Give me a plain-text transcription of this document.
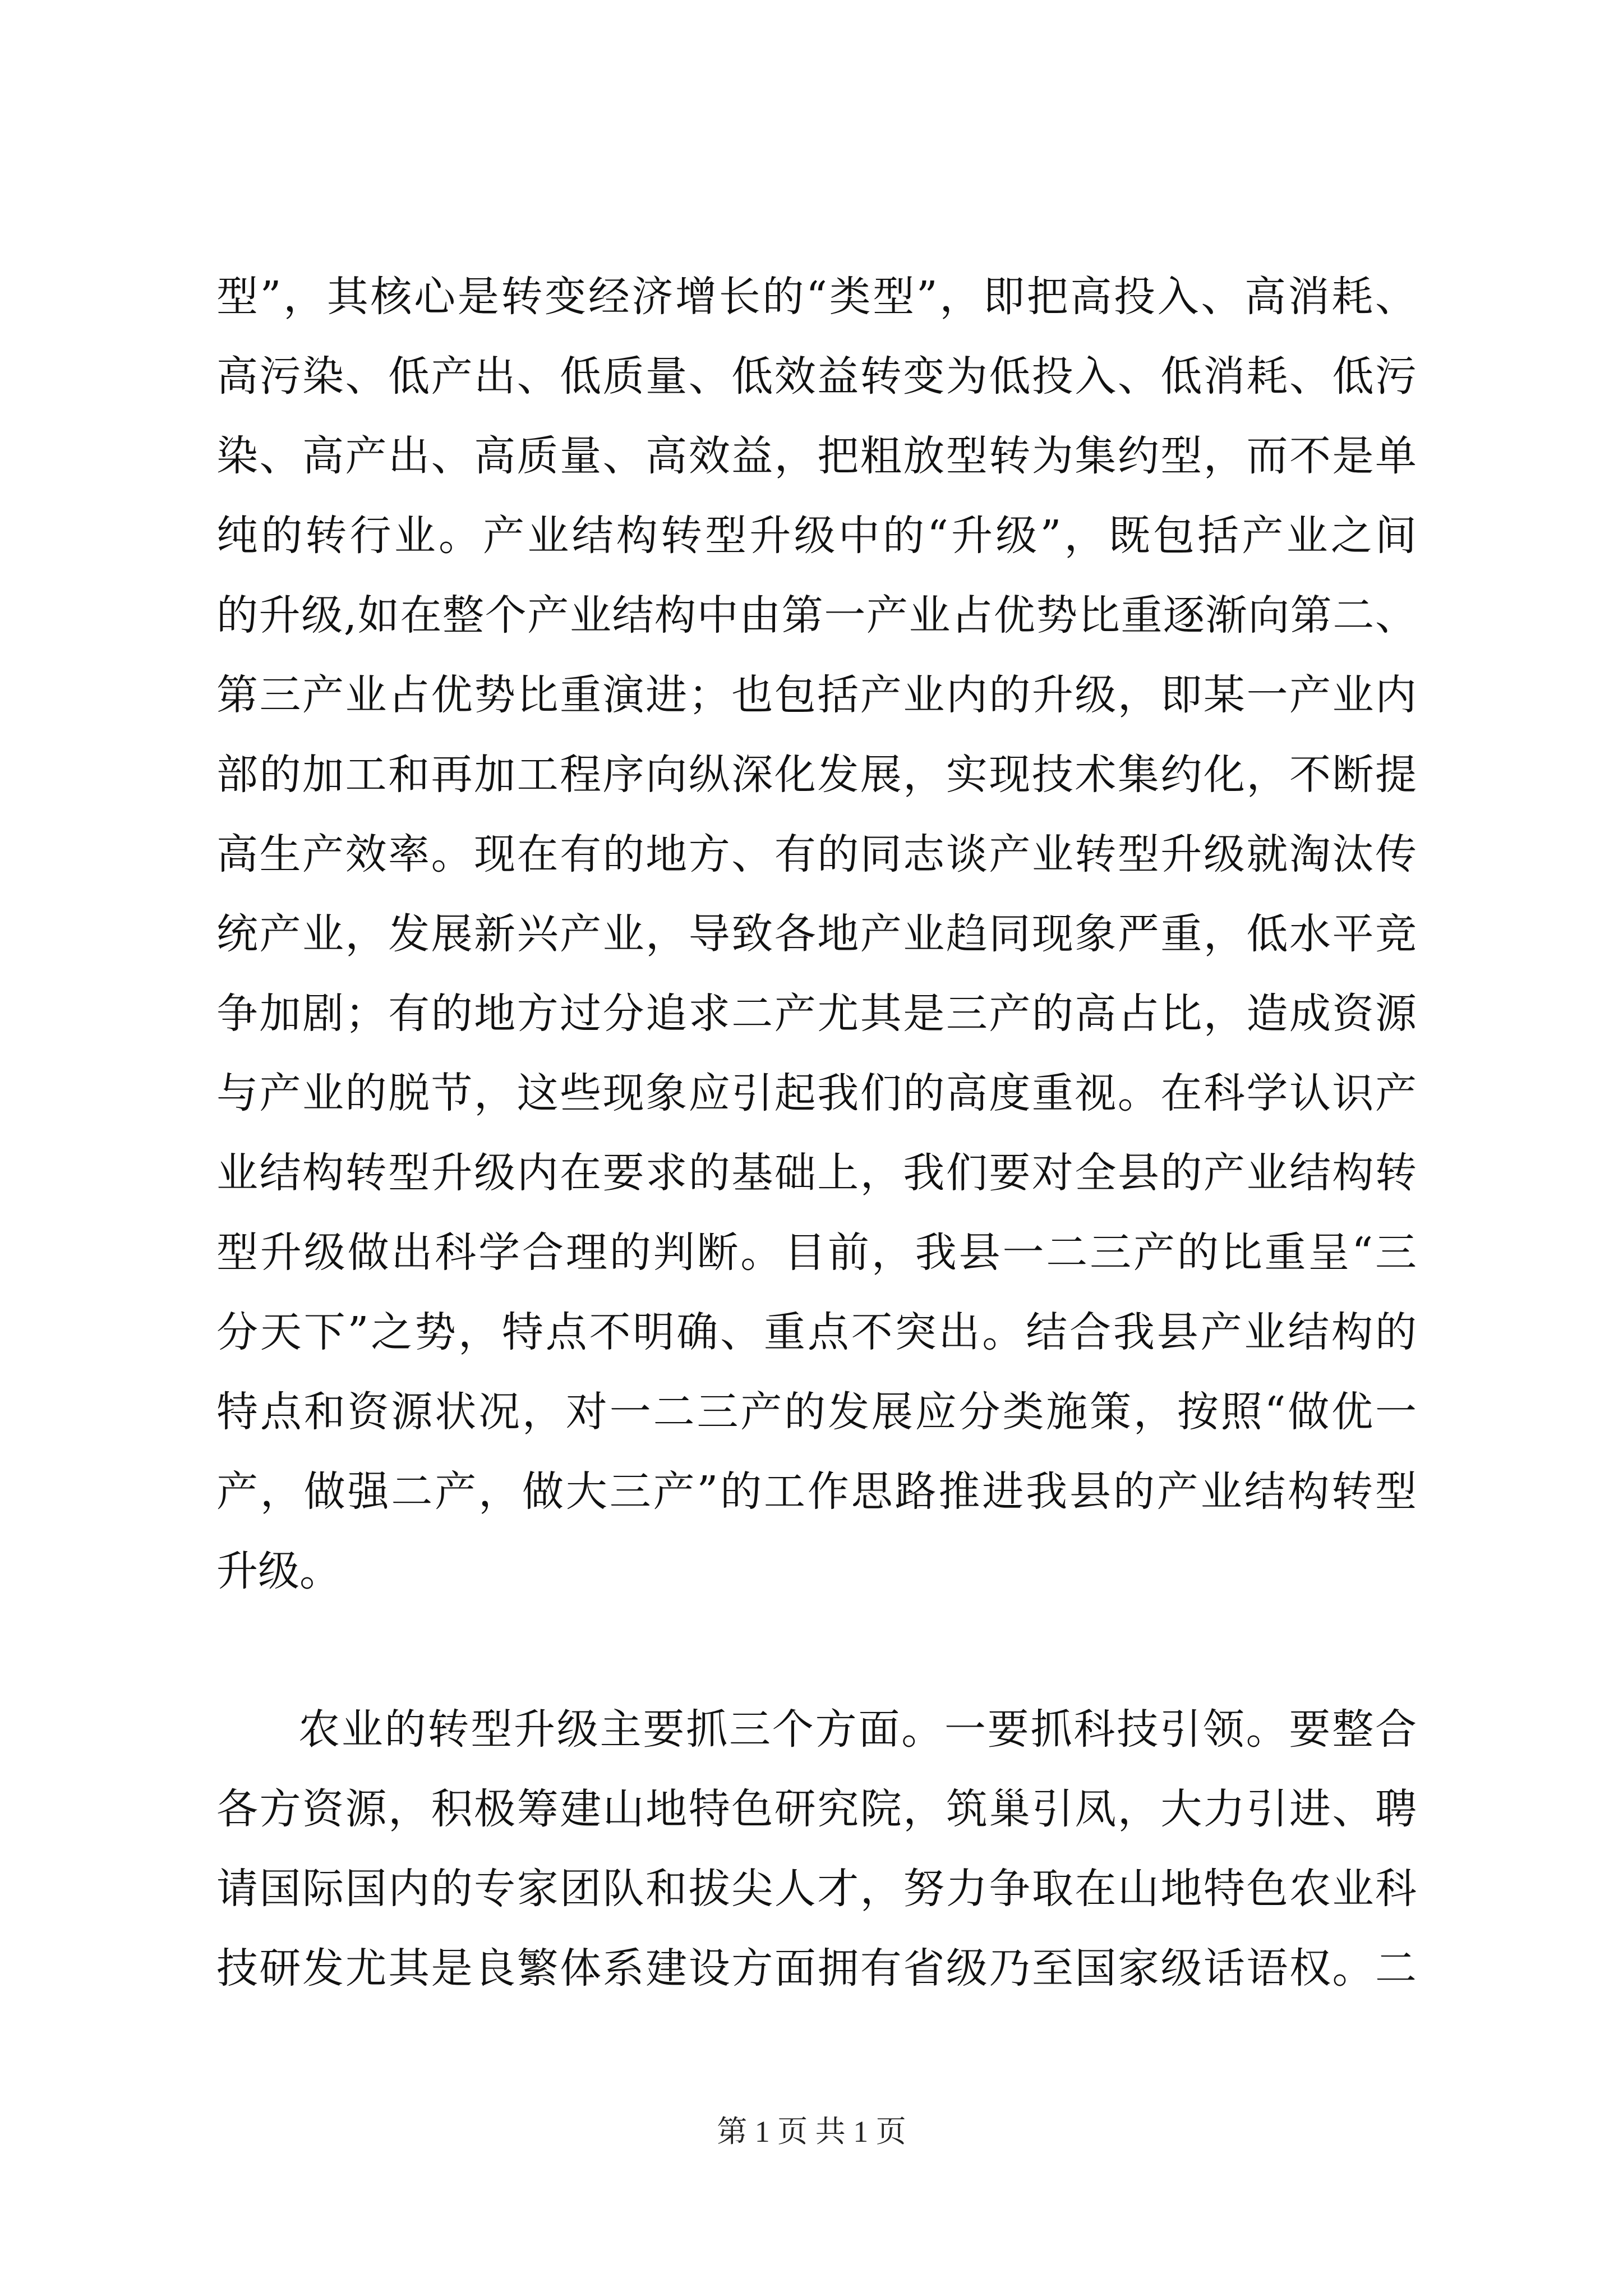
型”，其核心是转变经济增长的“类型”，即把高投入、高消耗、
高污染、低产出、低质量、低效益转变为低投入、低消耗、低污
染、高产出、高质量、高效益，把粗放型转为集约型，而不是单
纯的转行业。产业结构转型升级中的“升级”，既包括产业之间
的升级,如在整个产业结构中由第一产业占优势比重逐渐向第二、
第三产业占优势比重演进；也包括产业内的升级，即某一产业内
部的加工和再加工程序向纵深化发展，实现技术集约化，不断提
高生产效率。现在有的地方、有的同志谈产业转型升级就淘汰传
统产业，发展新兴产业，导致各地产业趋同现象严重，低水平竞
争加剧；有的地方过分追求二产尤其是三产的高占比，造成资源
与产业的脱节，这些现象应引起我们的高度重视。在科学认识产
业结构转型升级内在要求的基础上，我们要对全县的产业结构转
型升级做出科学合理的判断。目前，我县一二三产的比重呈“三
分天下”之势，特点不明确、重点不突出。结合我县产业结构的
特点和资源状况，对一二三产的发展应分类施策，按照“做优一
产，做强二产，做大三产”的工作思路推进我县的产业结构转型
升级。
农业的转型升级主要抓三个方面。一要抓科技引领。要整合
各方资源，积极筹建山地特色研究院，筑巢引凤，大力引进、聘
请国际国内的专家团队和拔尖人才，努力争取在山地特色农业科
技研发尤其是良繁体系建设方面拥有省级乃至国家级话语权。二
第 1 页 共 1 页
